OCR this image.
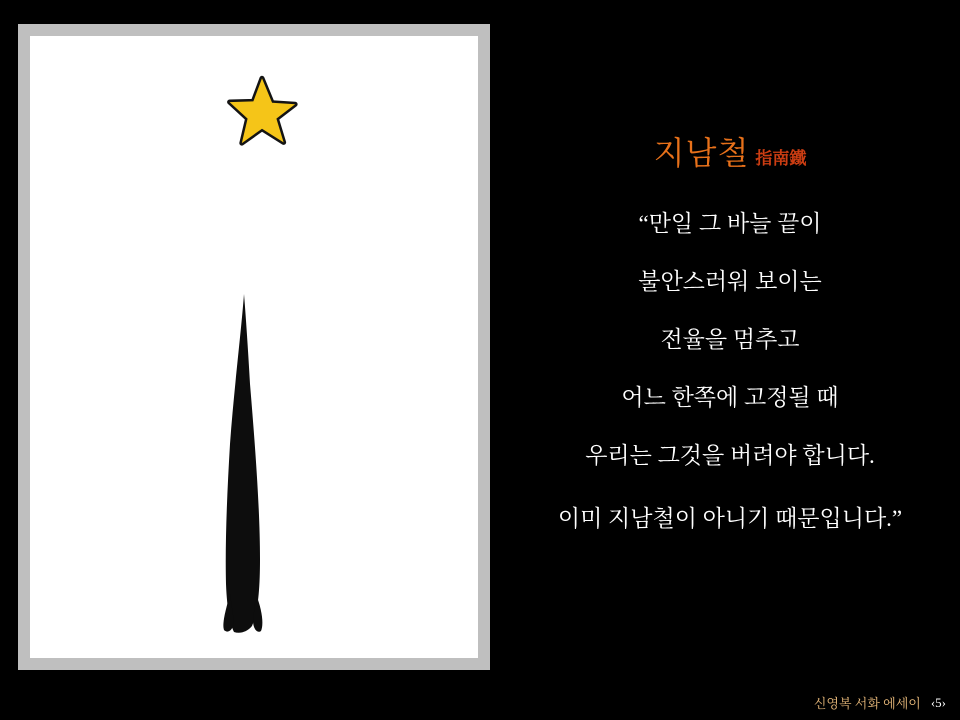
지남철 指南鐵
“만일 그 바늘 끝이
불안스러워 보이는
전율을 멈추고
어느 한쪽에 고정될 때
우리는 그것을 버려야 합니다.
이미 지남철이 아니기 때문입니다.”
신영복 서화 에세이 ‹5›
